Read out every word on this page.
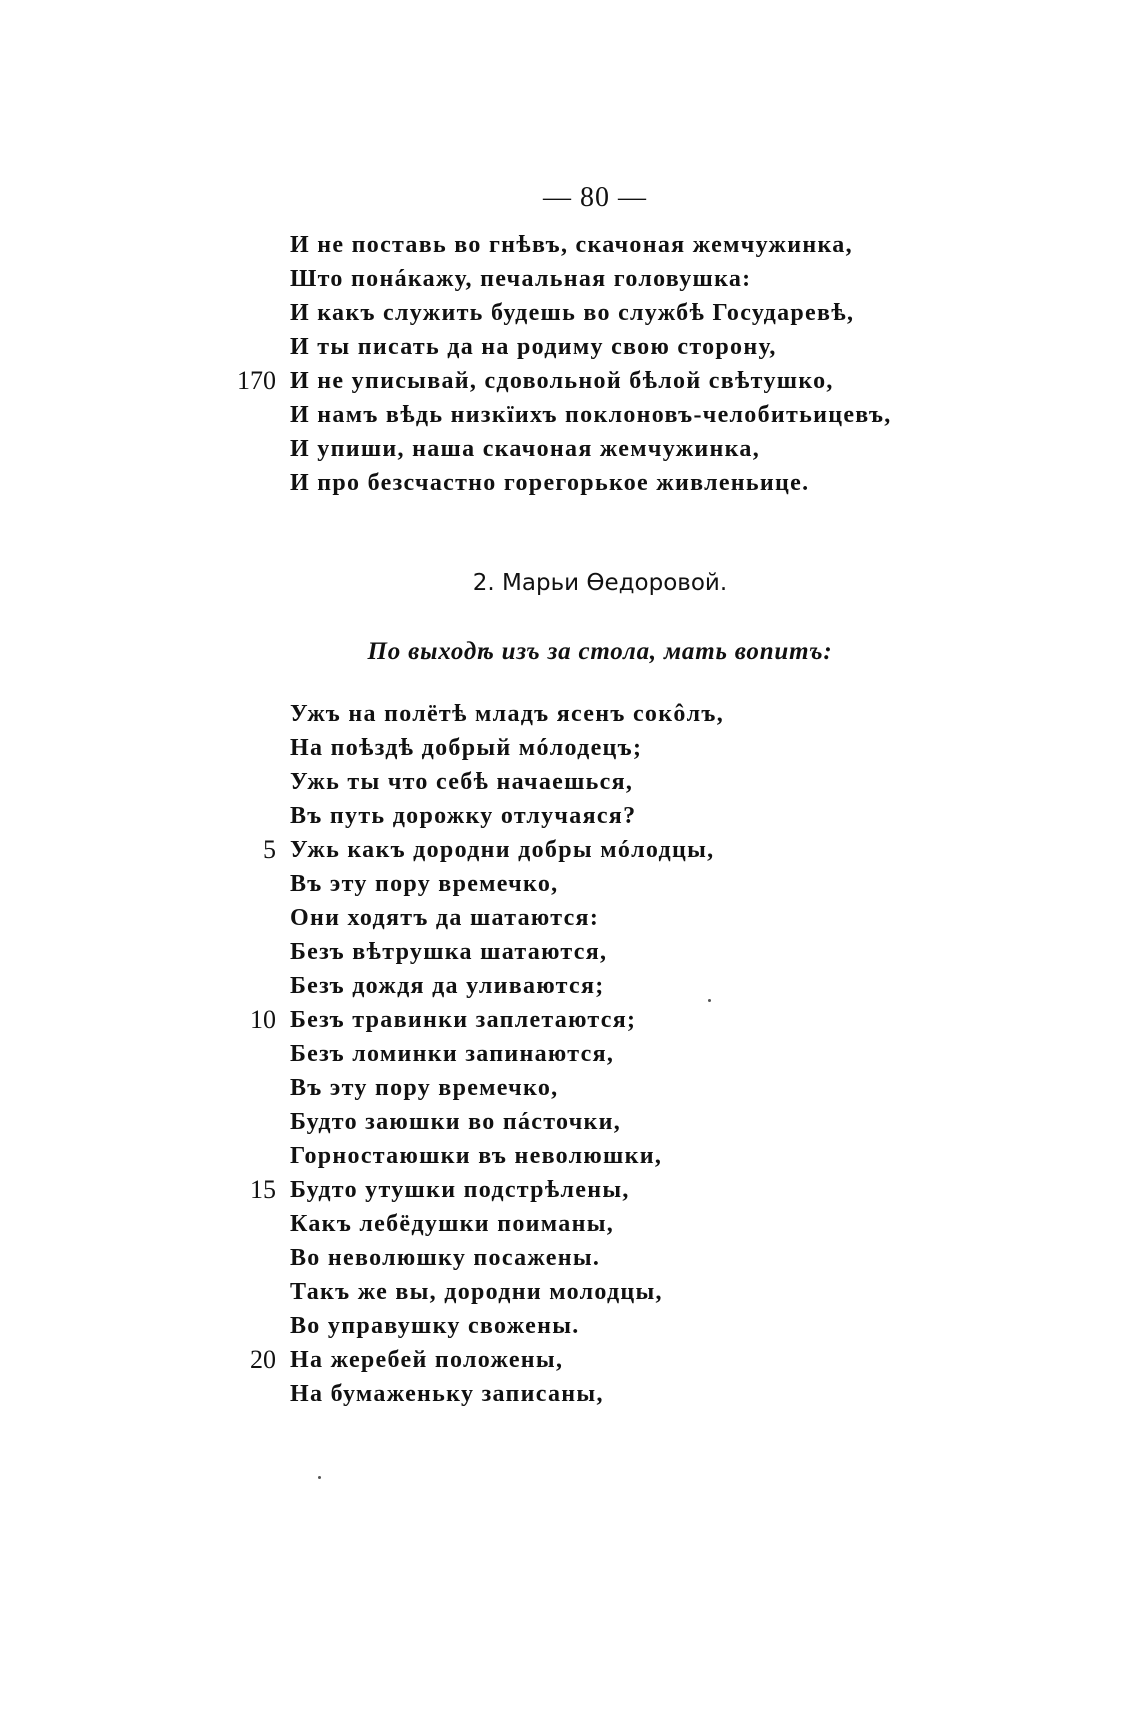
— 80 —
И не поставь во гнѣвъ, скачоная жемчужинка,
Што понáкажу, печальная головушка:
И какъ служить будешь во службѣ Государевѣ,
И ты писать да на родиму свою сторону,
170 И не уписывай, сдовольной бѣлой свѣтушко,
И намъ вѣдь низкїихъ поклоновъ-челобитьицевъ,
И упиши, наша скачоная жемчужинка,
И про безсчастно горегорькое живленьице.
2. Марьи Ѳедоровой.
По выходѣ изъ за стола, мать вопитъ:
Ужъ на полётѣ младъ ясенъ сокôлъ,
На поѣздѣ добрый мóлодецъ;
Ужь ты что себѣ начаешься,
Въ путь дорожку отлучаяся?
5 Ужь какъ дородни добры мóлодцы,
Въ эту пору времечко,
Они ходятъ да шатаются:
Безъ вѣтрушка шатаются,
Безъ дождя да уливаются;
10 Безъ травинки заплетаются;
Безъ ломинки запинаются,
Въ эту пору времечко,
Будто заюшки во пáсточки,
Горностаюшки въ неволюшки,
15 Будто утушки подстрѣлены,
Какъ лебёдушки поиманы,
Во неволюшку посажены.
Такъ же вы, дородни молодцы,
Во управушку свожены.
20 На жеребей положены,
На бумаженьку записаны,
